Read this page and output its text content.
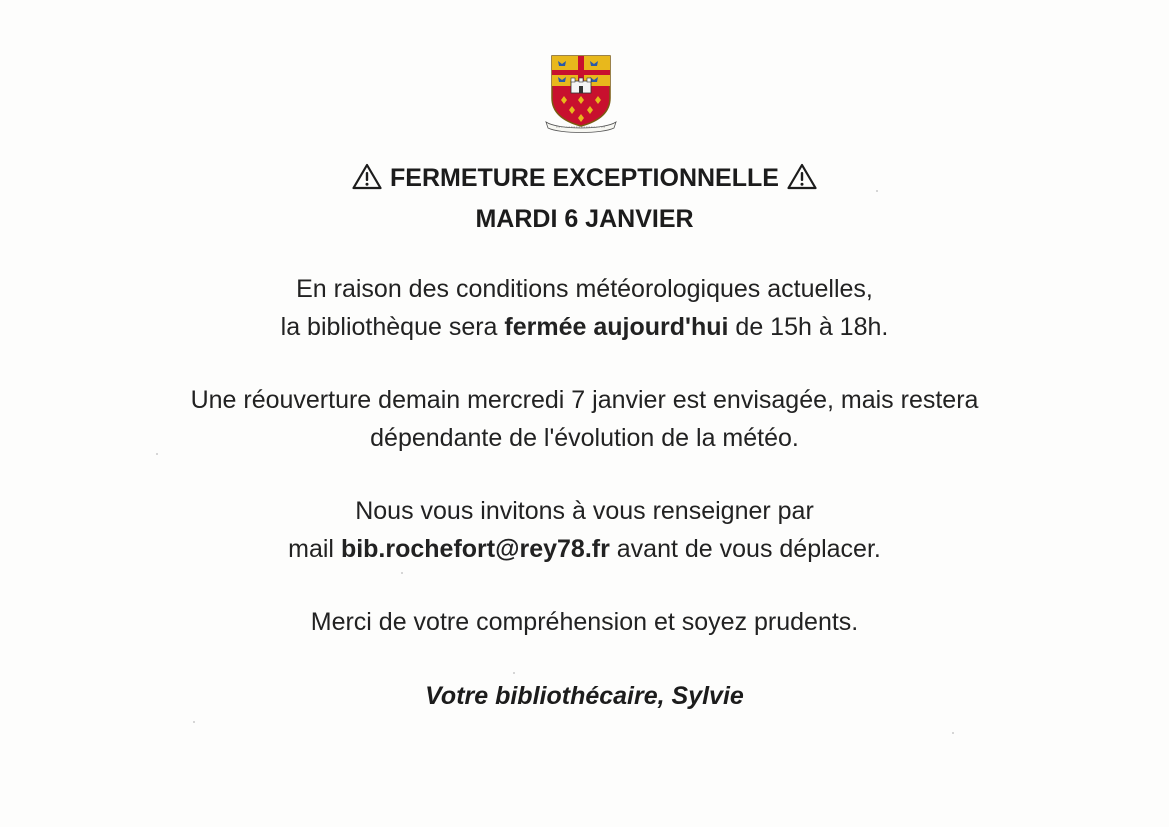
FERMETURE EXCEPTIONNELLE
MARDI 6 JANVIER
En raison des conditions météorologiques actuelles,
la bibliothèque sera fermée aujourd'hui de 15h à 18h.
Une réouverture demain mercredi 7 janvier est envisagée, mais restera
dépendante de l'évolution de la météo.
Nous vous invitons à vous renseigner par
mail bib.rochefort@rey78.fr avant de vous déplacer.
Merci de votre compréhension et soyez prudents.
Votre bibliothécaire, Sylvie
